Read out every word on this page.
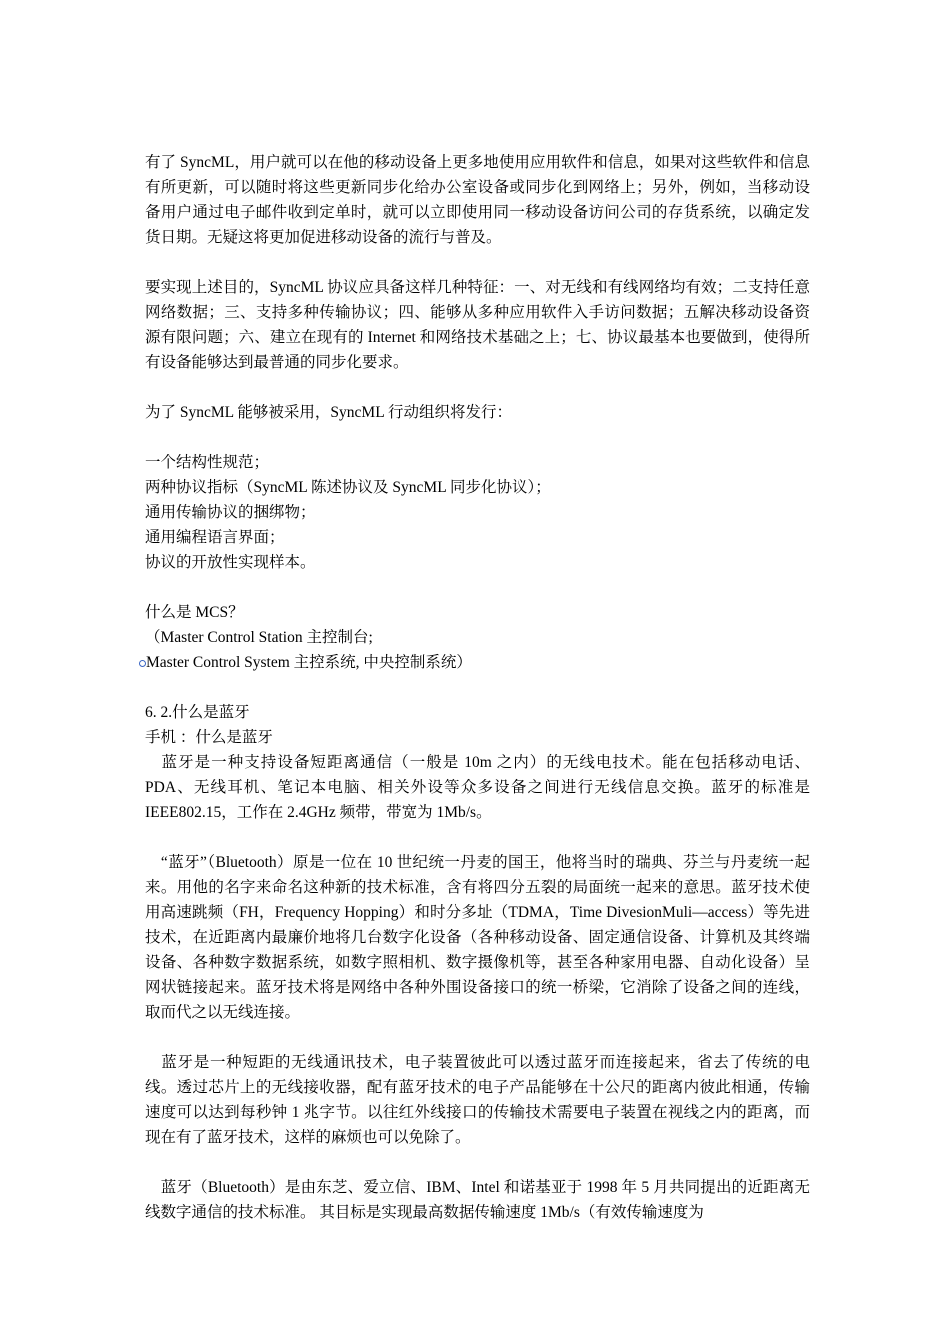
有了 SyncML，用户就可以在他的移动设备上更多地使用应用软件和信息，如果对这些软件和信息有所更新，可以随时将这些更新同步化给办公室设备或同步化到网络上；另外，例如，当移动设备用户通过电子邮件收到定单时，就可以立即使用同一移动设备访问公司的存货系统，以确定发货日期。无疑这将更加促进移动设备的流行与普及。

要实现上述目的，SyncML 协议应具备这样几种特征：一、对无线和有线网络均有效；二支持任意网络数据；三、支持多种传输协议；四、能够从多种应用软件入手访问数据；五解决移动设备资源有限问题；六、建立在现有的 Internet 和网络技术基础之上；七、协议最基本也要做到，使得所有设备能够达到最普通的同步化要求。

为了 SyncML 能够被采用，SyncML 行动组织将发行：

一个结构性规范；
两种协议指标（SyncML 陈述协议及 SyncML 同步化协议）；
通用传输协议的捆绑物；
通用编程语言界面；
协议的开放性实现样本。
什么是 MCS？
（Master Control Station 主控制台;
Master Control System 主控系统, 中央控制系统）
6. 2.什么是蓝牙
手机 ：什么是蓝牙

　蓝牙是一种支持设备短距离通信（一般是 10m 之内）的无线电技术。能在包括移动电话、PDA、无线耳机、笔记本电脑、相关外设等众多设备之间进行无线信息交换。蓝牙的标准是 IEEE802.15，工作在 2.4GHz 频带，带宽为 1Mb/s。

　“蓝牙”（Bluetooth）原是一位在 10 世纪统一丹麦的国王，他将当时的瑞典、芬兰与丹麦统一起来。用他的名字来命名这种新的技术标准，含有将四分五裂的局面统一起来的意思。蓝牙技术使用高速跳频（FH，Frequency Hopping）和时分多址（TDMA，Time DivesionMuli—access）等先进技术，在近距离内最廉价地将几台数字化设备（各种移动设备、固定通信设备、计算机及其终端设备、各种数字数据系统，如数字照相机、数字摄像机等，甚至各种家用电器、自动化设备）呈网状链接起来。蓝牙技术将是网络中各种外围设备接口的统一桥梁，它消除了设备之间的连线，取而代之以无线连接。

　蓝牙是一种短距的无线通讯技术，电子装置彼此可以透过蓝牙而连接起来，省去了传统的电线。透过芯片上的无线接收器，配有蓝牙技术的电子产品能够在十公尺的距离内彼此相通，传输速度可以达到每秒钟 1 兆字节。以往红外线接口的传输技术需要电子装置在视线之内的距离，而现在有了蓝牙技术，这样的麻烦也可以免除了。

　蓝牙（Bluetooth）是由东芝、爱立信、IBM、Intel 和诺基亚于 1998 年 5 月共同提出的近距离无线数字通信的技术标准。 其目标是实现最高数据传输速度 1Mb/s（有效传输速度为
